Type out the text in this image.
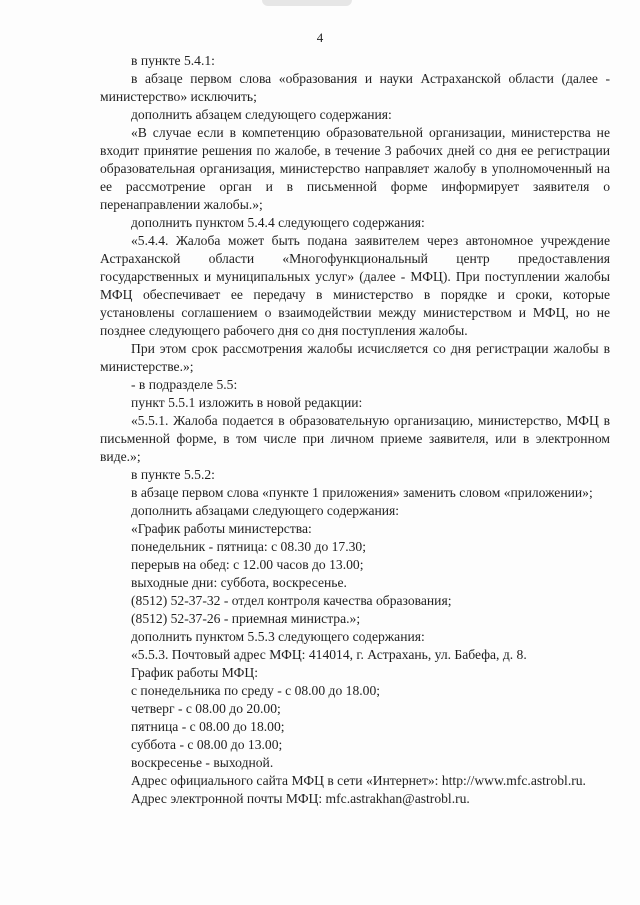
4

в пункте 5.4.1:

в абзаце первом слова «образования и науки Астраханской области (далее - министерство» исключить;

дополнить абзацем следующего содержания:

«В случае если в компетенцию образовательной организации, министерства не входит принятие решения по жалобе, в течение 3 рабочих дней со дня ее регистрации образовательная организация, министерство направляет жалобу в уполномоченный на ее рассмотрение орган и в письменной форме информирует заявителя о перенаправлении жалобы.»;

дополнить пунктом 5.4.4 следующего содержания:

«5.4.4. Жалоба может быть подана заявителем через автономное учреждение Астраханской области «Многофункциональный центр предоставления государственных и муниципальных услуг» (далее - МФЦ). При поступлении жалобы МФЦ обеспечивает ее передачу в министерство в порядке и сроки, которые установлены соглашением о взаимодействии между министерством и МФЦ, но не позднее следующего рабочего дня со дня поступления жалобы.

При этом срок рассмотрения жалобы исчисляется со дня регистрации жалобы в министерстве.»;

- в подразделе 5.5:

пункт 5.5.1 изложить в новой редакции:

«5.5.1. Жалоба подается в образовательную организацию, министерство, МФЦ в письменной форме, в том числе при личном приеме заявителя, или в электронном виде.»;

в пункте 5.5.2:

в абзаце первом слова «пункте 1 приложения» заменить словом «приложении»;

дополнить абзацами следующего содержания:

«График работы министерства:

понедельник - пятница: с 08.30 до 17.30;

перерыв на обед: с 12.00 часов до 13.00;

выходные дни: суббота, воскресенье.

(8512) 52-37-32 - отдел контроля качества образования;

(8512) 52-37-26 - приемная министра.»;

дополнить пунктом 5.5.3 следующего содержания:

«5.5.3. Почтовый адрес МФЦ: 414014, г. Астрахань, ул. Бабефа, д. 8.

График работы МФЦ:

с понедельника по среду - с 08.00 до 18.00;

четверг - с 08.00 до 20.00;

пятница - с 08.00 до 18.00;

суббота - с 08.00 до 13.00;

воскресенье - выходной.

Адрес официального сайта МФЦ в сети «Интернет»: http://www.mfc.astrobl.ru.

Адрес электронной почты МФЦ: mfc.astrakhan@astrobl.ru.
